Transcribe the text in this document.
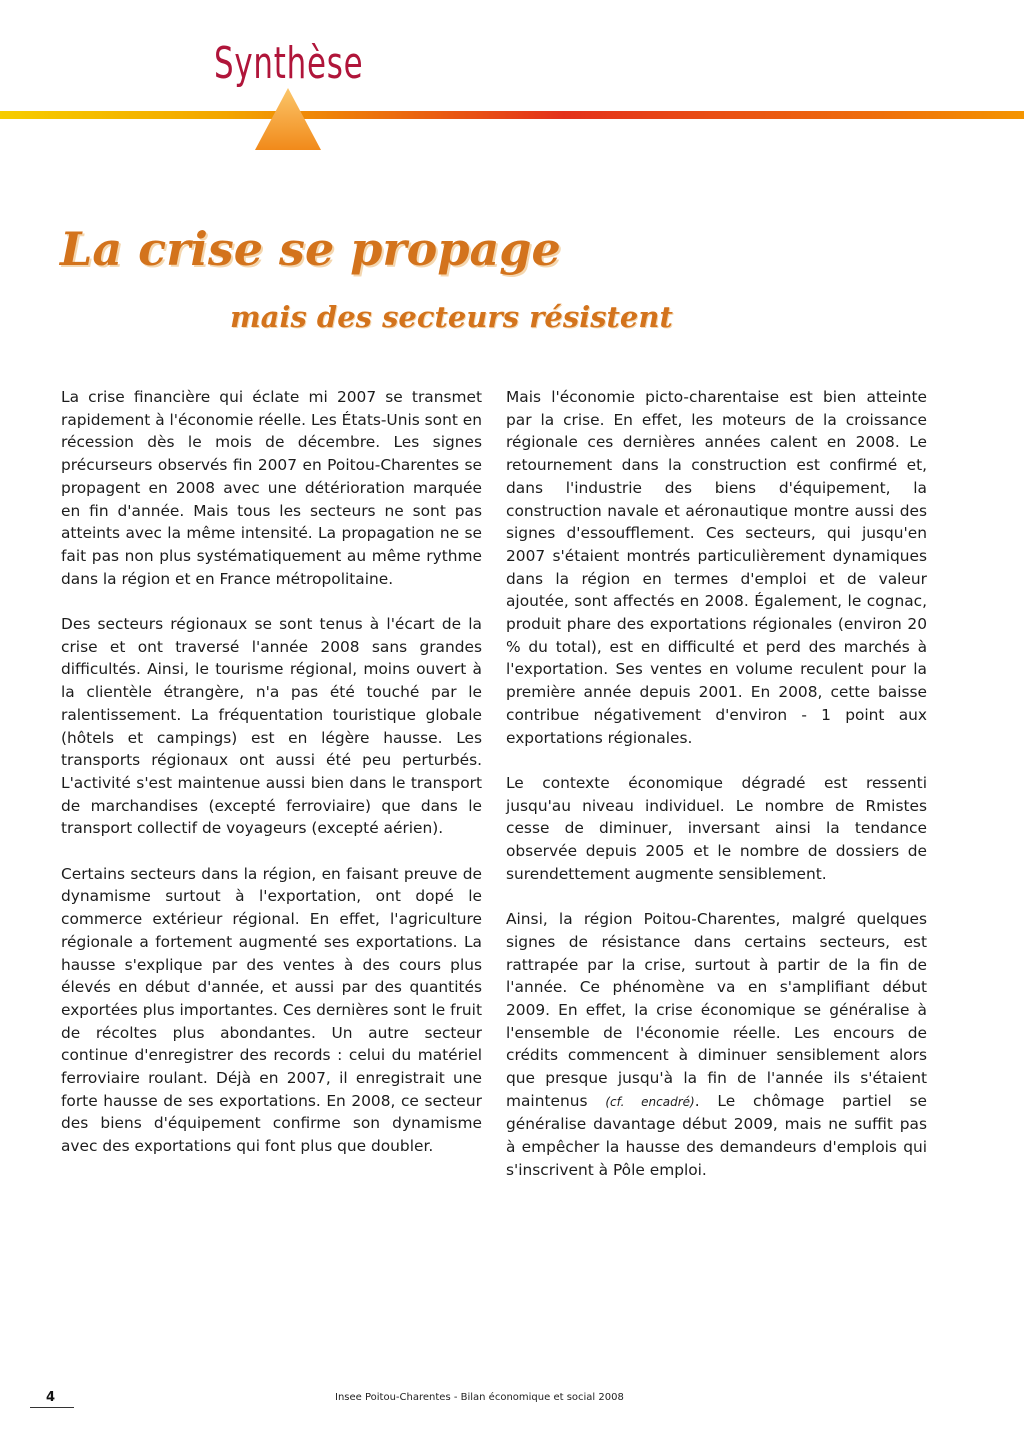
Synthèse
La crise se propage
mais des secteurs résistent

La crise financière qui éclate mi 2007 se transmet rapidement à l'économie réelle. Les États-Unis sont en récession dès le mois de décembre. Les signes précurseurs observés fin 2007 en Poitou-Charentes se propagent en 2008 avec une détérioration marquée en fin d'année. Mais tous les secteurs ne sont pas atteints avec la même intensité. La propagation ne se fait pas non plus systématiquement au même rythme dans la région et en France métropolitaine.

Des secteurs régionaux se sont tenus à l'écart de la crise et ont traversé l'année 2008 sans grandes difficultés. Ainsi, le tourisme régional, moins ouvert à la clientèle étrangère, n'a pas été touché par le ralentissement. La fréquentation touristique globale (hôtels et campings) est en légère hausse. Les transports régionaux ont aussi été peu perturbés. L'activité s'est maintenue aussi bien dans le transport de marchandises (excepté ferroviaire) que dans le transport collectif de voyageurs (excepté aérien).

Certains secteurs dans la région, en faisant preuve de dynamisme surtout à l'exportation, ont dopé le commerce extérieur régional. En effet, l'agriculture régionale a fortement augmenté ses exportations. La hausse s'explique par des ventes à des cours plus élevés en début d'année, et aussi par des quantités exportées plus importantes. Ces dernières sont le fruit de récoltes plus abondantes. Un autre secteur continue d'enregistrer des records : celui du matériel ferroviaire roulant. Déjà en 2007, il enregistrait une forte hausse de ses exportations. En 2008, ce secteur des biens d'équipement confirme son dynamisme avec des exportations qui font plus que doubler.

Mais l'économie picto-charentaise est bien atteinte par la crise. En effet, les moteurs de la croissance régionale ces dernières années calent en 2008. Le retournement dans la construction est confirmé et, dans l'industrie des biens d'équipement, la construction navale et aéronautique montre aussi des signes d'essoufflement. Ces secteurs, qui jusqu'en 2007 s'étaient montrés particulièrement dynamiques dans la région en termes d'emploi et de valeur ajoutée, sont affectés en 2008. Également, le cognac, produit phare des exportations régionales (environ 20 % du total), est en difficulté et perd des marchés à l'exportation. Ses ventes en volume reculent pour la première année depuis 2001. En 2008, cette baisse contribue négativement d'environ - 1 point aux exportations régionales.

Le contexte économique dégradé est ressenti jusqu'au niveau individuel. Le nombre de Rmistes cesse de diminuer, inversant ainsi la tendance observée depuis 2005 et le nombre de dossiers de surendettement augmente sensiblement.

Ainsi, la région Poitou-Charentes, malgré quelques signes de résistance dans certains secteurs, est rattrapée par la crise, surtout à partir de la fin de l'année. Ce phénomène va en s'amplifiant début 2009. En effet, la crise économique se généralise à l'ensemble de l'économie réelle. Les encours de crédits commencent à diminuer sensiblement alors que presque jusqu'à la fin de l'année ils s'étaient maintenus (cf. encadré). Le chômage partiel se généralise davantage début 2009, mais ne suffit pas à empêcher la hausse des demandeurs d'emplois qui s'inscrivent à Pôle emploi.

4	Insee Poitou-Charentes - Bilan économique et social 2008
